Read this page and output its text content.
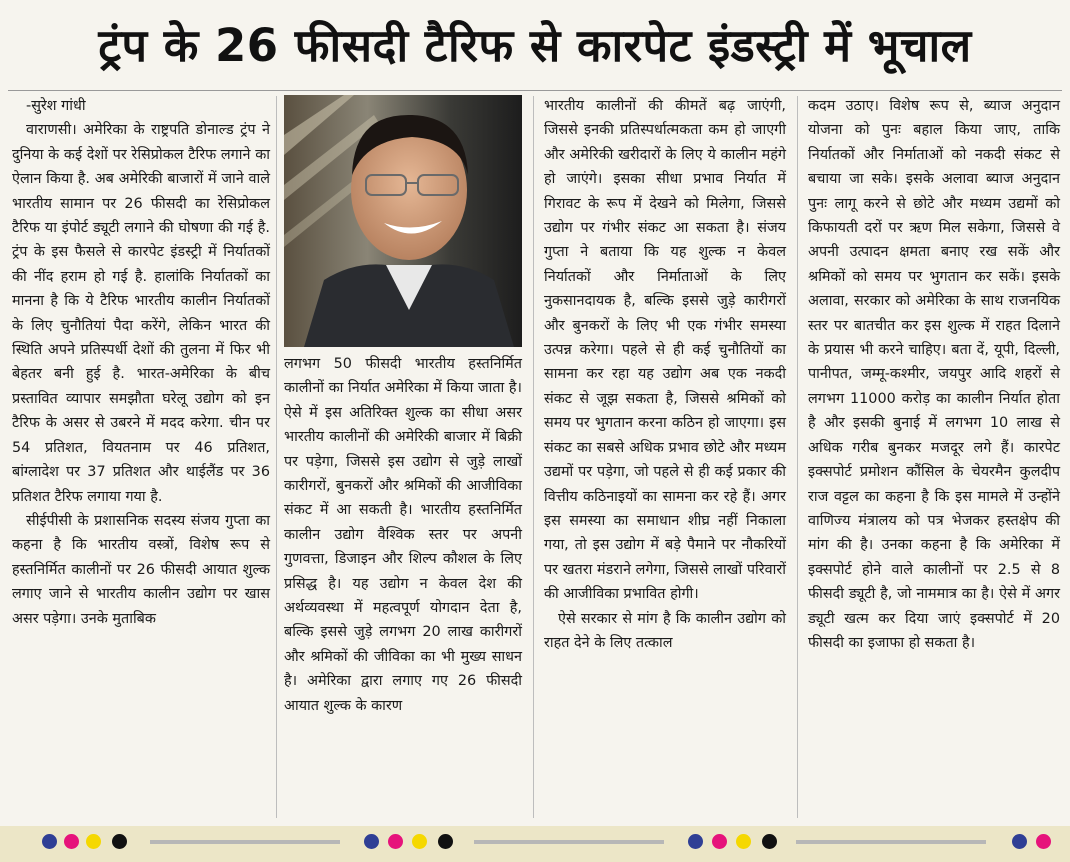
ट्रंप के 26 फीसदी टैरिफ से कारपेट इंडस्ट्री में भूचाल

-सुरेश गांधी

वाराणसी। अमेरिका के राष्ट्रपति डोनाल्ड ट्रंप ने दुनिया के कई देशों पर रेसिप्रोकल टैरिफ लगाने का ऐलान किया है. अब अमेरिकी बाजारों में जाने वाले भारतीय सामान पर 26 फीसदी का रेसिप्रोकल टैरिफ या इंपोर्ट ड्यूटी लगाने की घोषणा की गई है. ट्रंप के इस फैसले से कारपेट इंडस्ट्री में निर्यातकों की नींद हराम हो गई है. हालांकि निर्यातकों का मानना है कि ये टैरिफ भारतीय कालीन निर्यातकों के लिए चुनौतियां पैदा करेंगे, लेकिन भारत की स्थिति अपने प्रतिस्पर्धी देशों की तुलना में फिर भी बेहतर बनी हुई है. भारत-अमेरिका के बीच प्रस्तावित व्यापार समझौता घरेलू उद्योग को इन टैरिफ के असर से उबरने में मदद करेगा. चीन पर 54 प्रतिशत, वियतनाम पर 46 प्रतिशत, बांग्लादेश पर 37 प्रतिशत और थाईलैंड पर 36 प्रतिशत टैरिफ लगाया गया है.

सीईपीसी के प्रशासनिक सदस्य संजय गुप्ता का कहना है कि भारतीय वस्त्रों, विशेष रूप से हस्तनिर्मित कालीनों पर 26 फीसदी आयात शुल्क लगाए जाने से भारतीय कालीन उद्योग पर खास असर पड़ेगा। उनके मुताबिक

लगभग 50 फीसदी भारतीय हस्तनिर्मित कालीनों का निर्यात अमेरिका में किया जाता है। ऐसे में इस अतिरिक्त शुल्क का सीधा असर भारतीय कालीनों की अमेरिकी बाजार में बिक्री पर पड़ेगा, जिससे इस उद्योग से जुड़े लाखों कारीगरों, बुनकरों और श्रमिकों की आजीविका संकट में आ सकती है। भारतीय हस्तनिर्मित कालीन उद्योग वैश्विक स्तर पर अपनी गुणवत्ता, डिजाइन और शिल्प कौशल के लिए प्रसिद्ध है। यह उद्योग न केवल देश की अर्थव्यवस्था में महत्वपूर्ण योगदान देता है, बल्कि इससे जुड़े लगभग 20 लाख कारीगरों और श्रमिकों की जीविका का भी मुख्य साधन है। अमेरिका द्वारा लगाए गए 26 फीसदी आयात शुल्क के कारण

भारतीय कालीनों की कीमतें बढ़ जाएंगी, जिससे इनकी प्रतिस्पर्धात्मकता कम हो जाएगी और अमेरिकी खरीदारों के लिए ये कालीन महंगे हो जाएंगे। इसका सीधा प्रभाव निर्यात में गिरावट के रूप में देखने को मिलेगा, जिससे उद्योग पर गंभीर संकट आ सकता है। संजय गुप्ता ने बताया कि यह शुल्क न केवल निर्यातकों और निर्माताओं के लिए नुकसानदायक है, बल्कि इससे जुड़े कारीगरों और बुनकरों के लिए भी एक गंभीर समस्या उत्पन्न करेगा। पहले से ही कई चुनौतियों का सामना कर रहा यह उद्योग अब एक नकदी संकट से जूझ सकता है, जिससे श्रमिकों को समय पर भुगतान करना कठिन हो जाएगा। इस संकट का सबसे अधिक प्रभाव छोटे और मध्यम उद्यमों पर पड़ेगा, जो पहले से ही कई प्रकार की वित्तीय कठिनाइयों का सामना कर रहे हैं। अगर इस समस्या का समाधान शीघ्र नहीं निकाला गया, तो इस उद्योग में बड़े पैमाने पर नौकरियों पर खतरा मंडराने लगेगा, जिससे लाखों परिवारों की आजीविका प्रभावित होगी।

ऐसे सरकार से मांग है कि कालीन उद्योग को राहत देने के लिए तत्काल

कदम उठाए। विशेष रूप से, ब्याज अनुदान योजना को पुनः बहाल किया जाए, ताकि निर्यातकों और निर्माताओं को नकदी संकट से बचाया जा सके। इसके अलावा ब्याज अनुदान पुनः लागू करने से छोटे और मध्यम उद्यमों को किफायती दरों पर ऋण मिल सकेगा, जिससे वे अपनी उत्पादन क्षमता बनाए रख सकें और श्रमिकों को समय पर भुगतान कर सकें। इसके अलावा, सरकार को अमेरिका के साथ राजनयिक स्तर पर बातचीत कर इस शुल्क में राहत दिलाने के प्रयास भी करने चाहिए। बता दें, यूपी, दिल्ली, पानीपत, जम्मू-कश्मीर, जयपुर आदि शहरों से लगभग 11000 करोड़ का कालीन निर्यात होता है और इसकी बुनाई में लगभग 10 लाख से अधिक गरीब बुनकर मजदूर लगे हैं। कारपेट इक्सपोर्ट प्रमोशन कौंसिल के चेयरमैन कुलदीप राज वट्टल का कहना है कि इस मामले में उन्होंने वाणिज्य मंत्रालय को पत्र भेजकर हस्तक्षेप की मांग की है। उनका कहना है कि अमेरिका में इक्सपोर्ट होने वाले कालीनों पर 2.5 से 8 फीसदी ड्यूटी है, जो नाममात्र का है। ऐसे में अगर ड्यूटी खत्म कर दिया जाएं इक्सपोर्ट में 20 फीसदी का इजाफा हो सकता है।
